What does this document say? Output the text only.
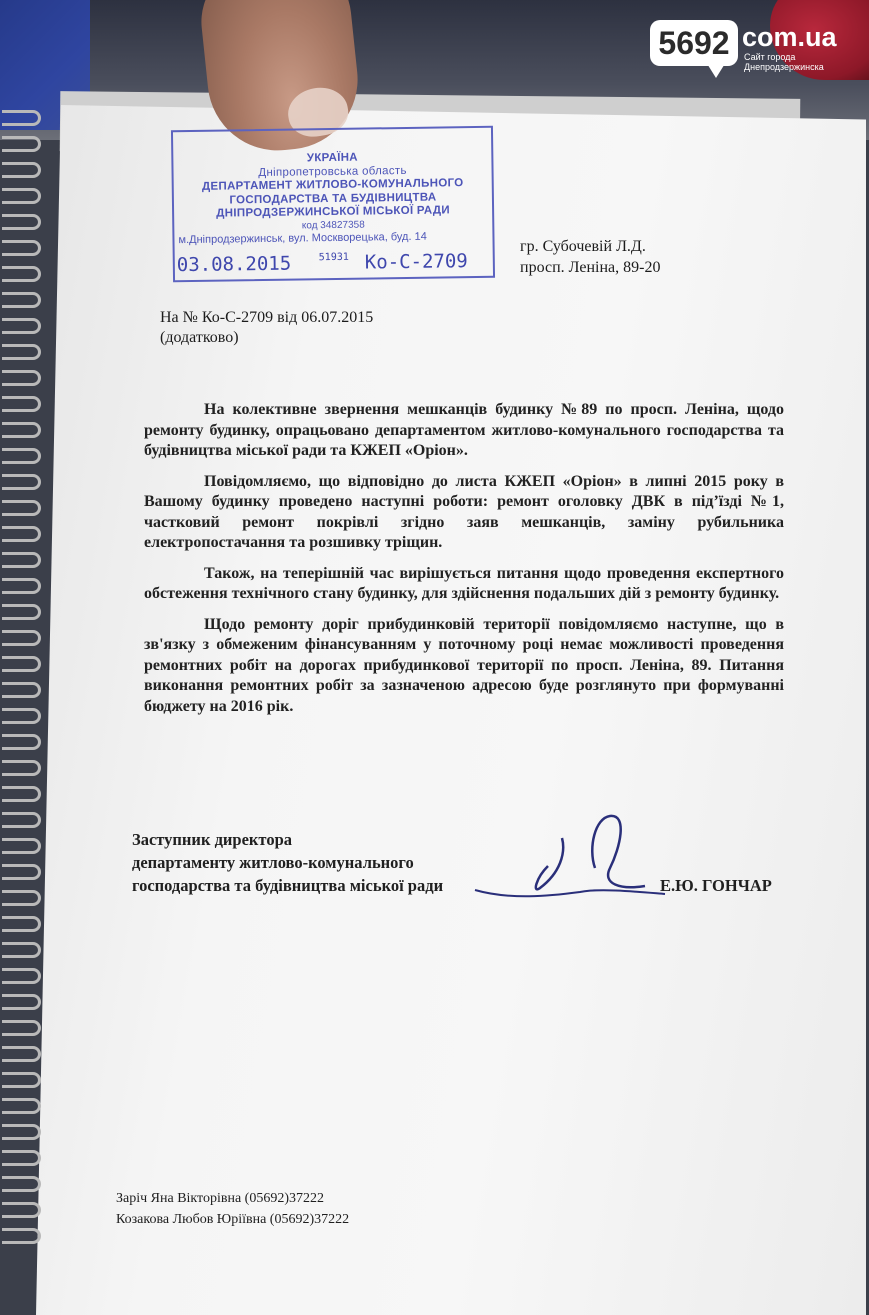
5692 com.ua
Сайт города Днепродзержинска
УКРАЇНА
Дніпропетровська область
ДЕПАРТАМЕНТ ЖИТЛОВО-КОМУНАЛЬНОГО
ГОСПОДАРСТВА ТА БУДІВНИЦТВА
ДНІПРОДЗЕРЖИНСЬКОЇ МІСЬКОЇ РАДИ
код 34827358
м.Дніпродзержинськ, вул. Москворецька, буд. 14
03.08.2015	51931 Ко-С-2709
гр. Субочевій Л.Д.
просп. Леніна, 89-20
На № Ко-С-2709 від 06.07.2015
(додатково)

На колективне звернення мешканців будинку №89 по просп. Леніна, щодо ремонту будинку, опрацьовано департаментом житлово-комунального господарства та будівництва міської ради та КЖЕП «Оріон».

Повідомляємо, що відповідно до листа КЖЕП «Оріон» в липні 2015 року в Вашому будинку проведено наступні роботи: ремонт оголовку ДВК в під’їзді №1, частковий ремонт покрівлі згідно заяв мешканців, заміну рубильника електропостачання та розшивку тріщин.

Також, на теперішній час вирішується питання щодо проведення експертного обстеження технічного стану будинку, для здійснення подальших дій з ремонту будинку.

Щодо ремонту доріг прибудинковій території повідомляємо наступне, що в зв'язку з обмеженим фінансуванням у поточному році немає можливості проведення ремонтних робіт на дорогах прибудинкової території по просп. Леніна, 89. Питання виконання ремонтних робіт за зазначеною адресою буде розглянуто при формуванні бюджету на 2016 рік.

Заступник директора
департаменту житлово-комунального
господарства та будівництва міської ради	Е.Ю. ГОНЧАР
Заріч Яна Вікторівна (05692)37222
Козакова Любов Юріївна (05692)37222
